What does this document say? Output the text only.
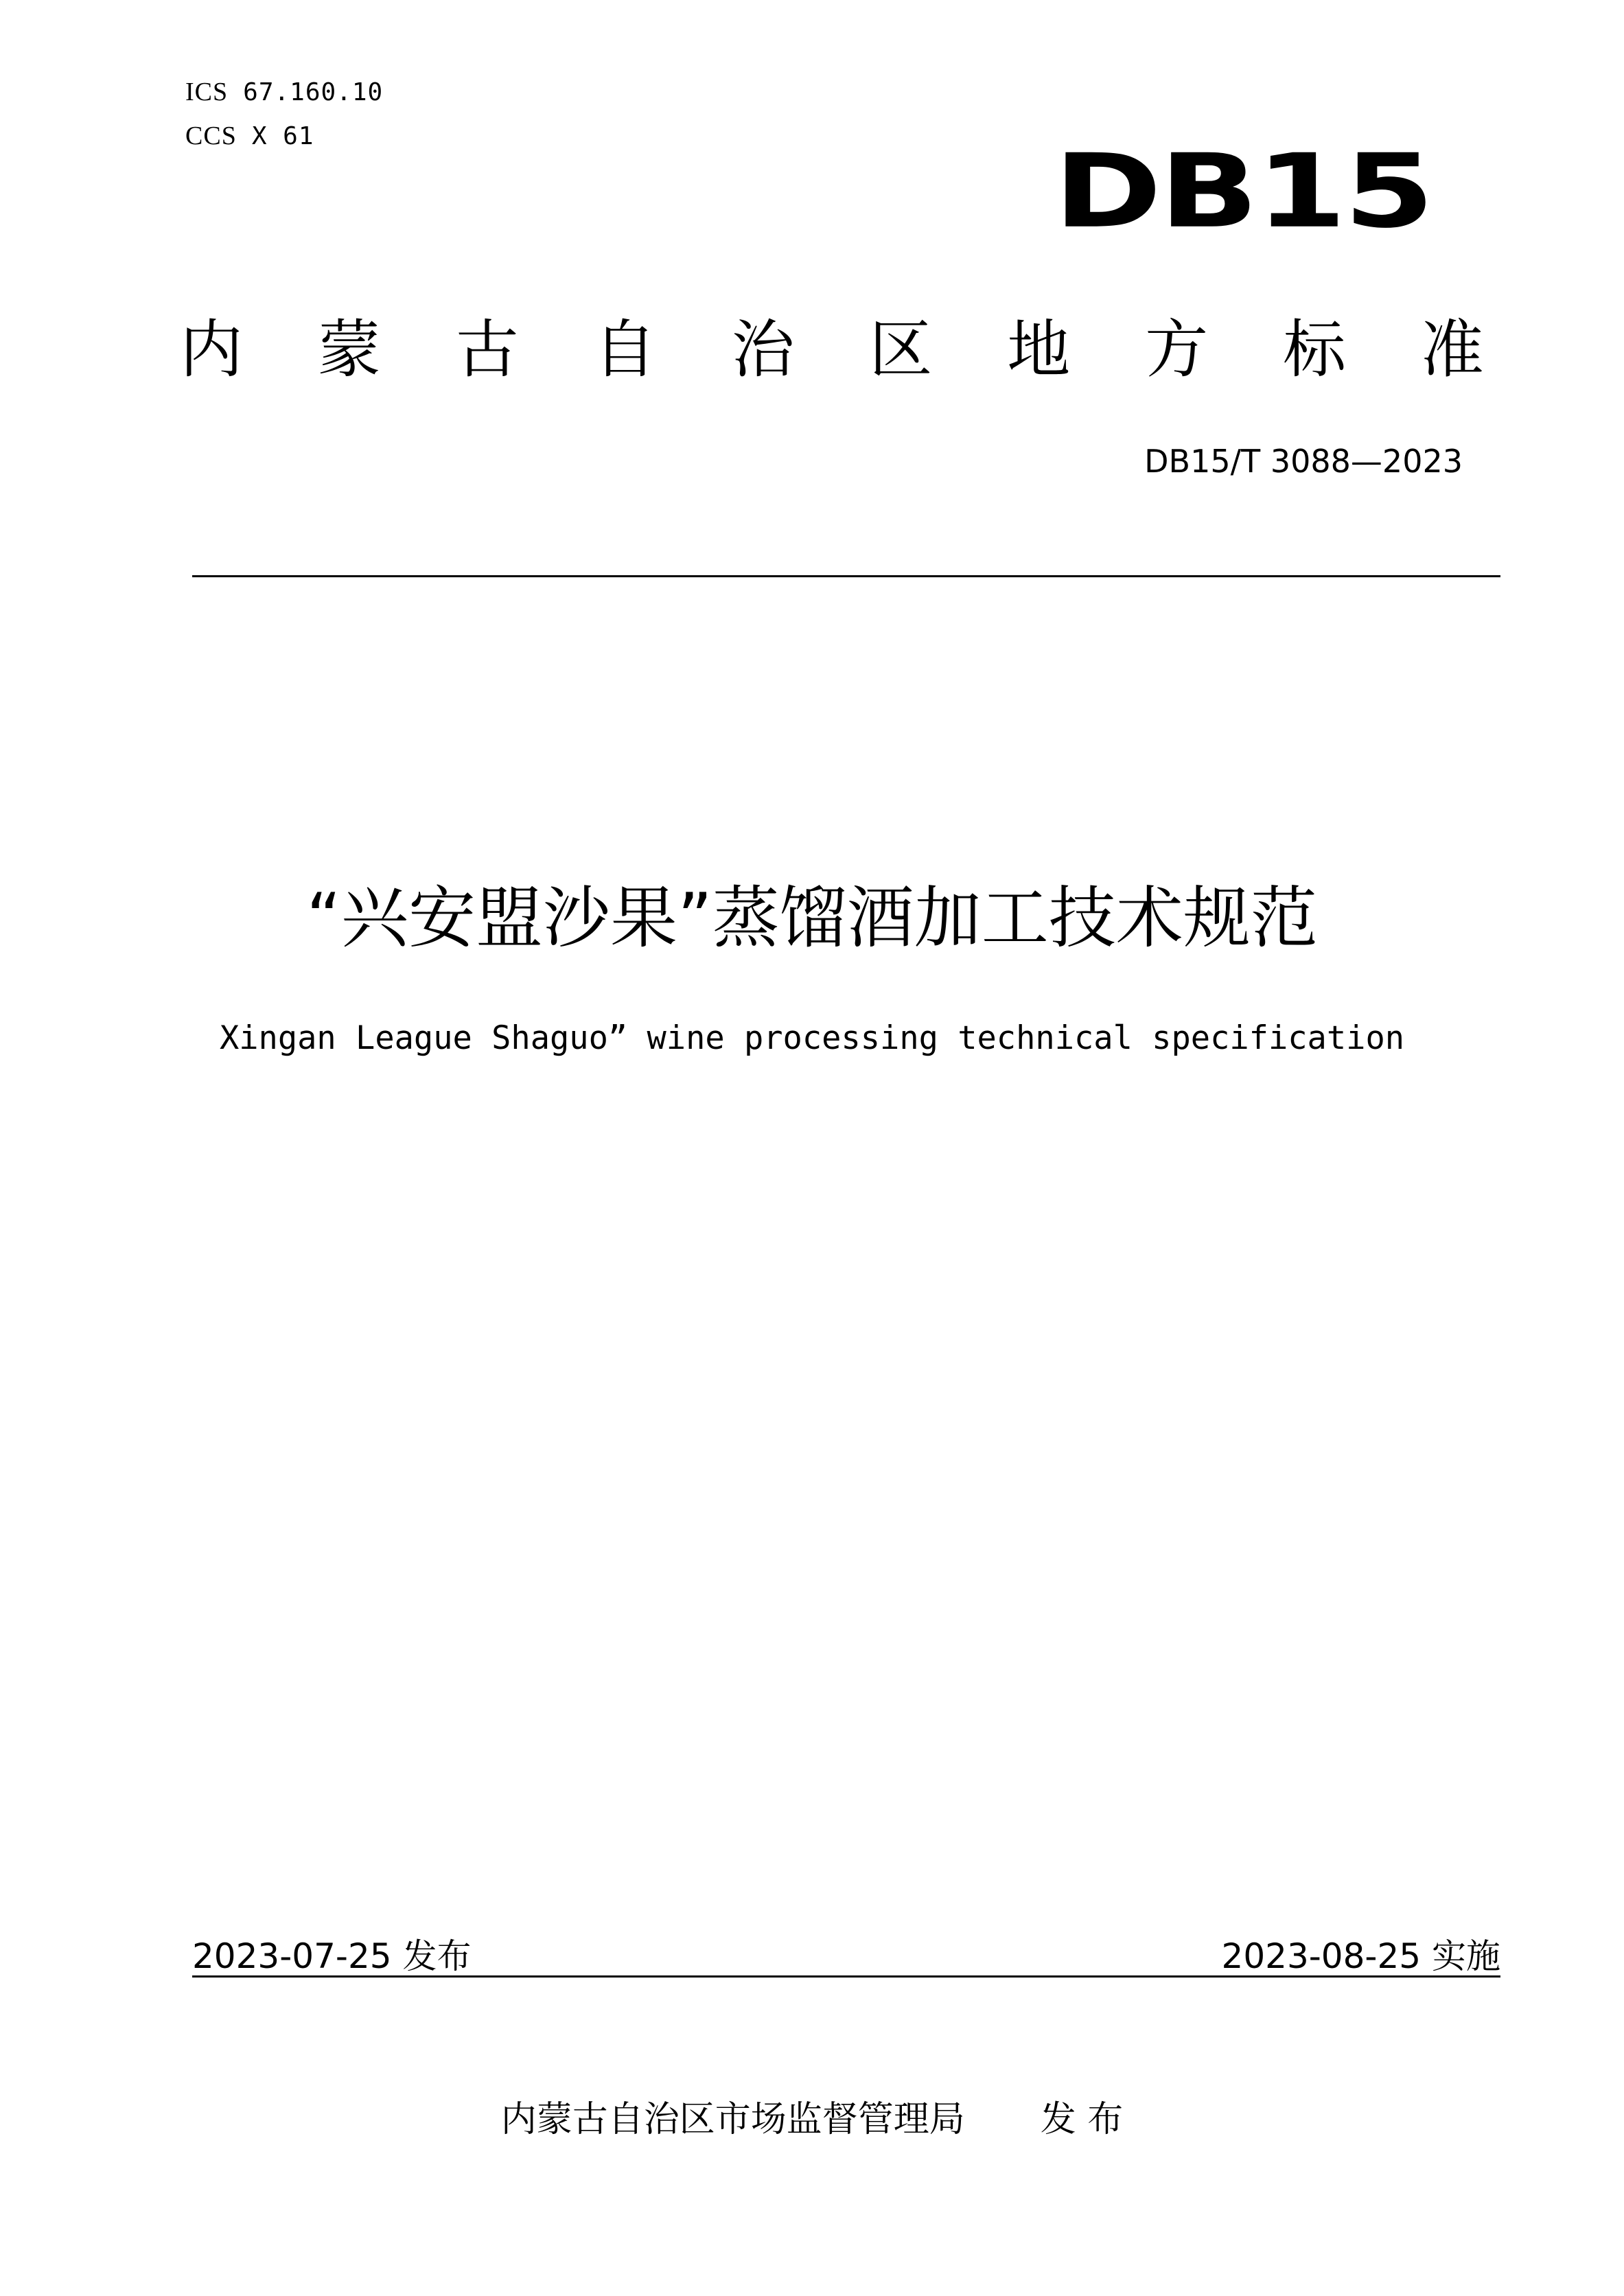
ICS 67.160.10
CCS X 61	DB15
内 蒙 古 自 治 区 地 方 标 准
DB15/T 3088—2023
“兴安盟沙果”蒸馏酒加工技术规范
Xingan League Shaguo” wine processing technical specification
2023-07-25 发布	2023-08-25 实施
内蒙古自治区市场监督管理局 发 布
